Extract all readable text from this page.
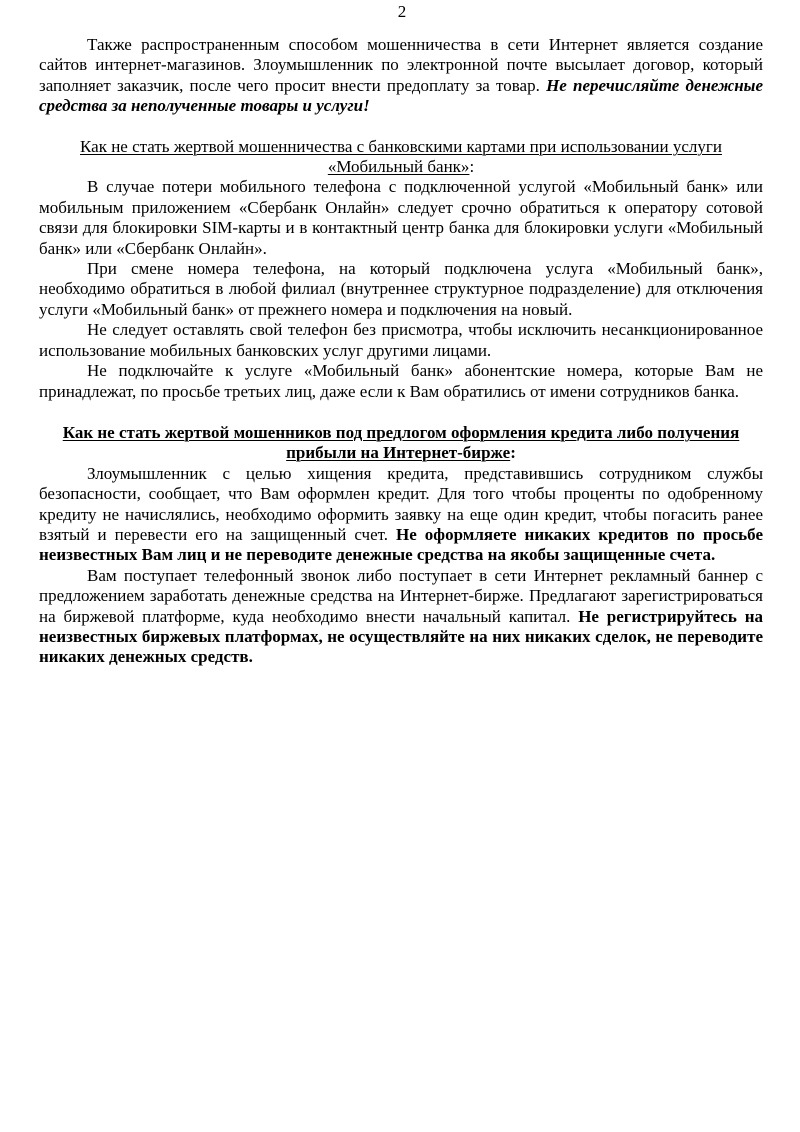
2

Также распространенным способом мошенничества в сети Интернет является создание сайтов интернет-магазинов. Злоумышленник по электронной почте высылает договор, который заполняет заказчик, после чего просит внести предоплату за товар. Не перечисляйте денежные средства за неполученные товары и услуги!

Как не стать жертвой мошенничества с банковскими картами при использовании услуги «Мобильный банк»:

В случае потери мобильного телефона с подключенной услугой «Мобильный банк» или мобильным приложением «Сбербанк Онлайн» следует срочно обратиться к оператору сотовой связи для блокировки SIM-карты и в контактный центр банка для блокировки услуги «Мобильный банк» или «Сбербанк Онлайн».

При смене номера телефона, на который подключена услуга «Мобильный банк», необходимо обратиться в любой филиал (внутреннее структурное подразделение) для отключения услуги «Мобильный банк» от прежнего номера и подключения на новый.

Не следует оставлять свой телефон без присмотра, чтобы исключить несанкционированное использование мобильных банковских услуг другими лицами.

Не подключайте к услуге «Мобильный банк» абонентские номера, которые Вам не принадлежат, по просьбе третьих лиц, даже если к Вам обратились от имени сотрудников банка.

Как не стать жертвой мошенников под предлогом оформления кредита либо получения прибыли на Интернет-бирже:

Злоумышленник с целью хищения кредита, представившись сотрудником службы безопасности, сообщает, что Вам оформлен кредит. Для того чтобы проценты по одобренному кредиту не начислялись, необходимо оформить заявку на еще один кредит, чтобы погасить ранее взятый и перевести его на защищенный счет. Не оформляете никаких кредитов по просьбе неизвестных Вам лиц и не переводите денежные средства на якобы защищенные счета.

Вам поступает телефонный звонок либо поступает в сети Интернет рекламный баннер с предложением заработать денежные средства на Интернет-бирже. Предлагают зарегистрироваться на биржевой платформе, куда необходимо внести начальный капитал. Не регистрируйтесь на неизвестных биржевых платформах, не осуществляйте на них никаких сделок, не переводите никаких денежных средств.
